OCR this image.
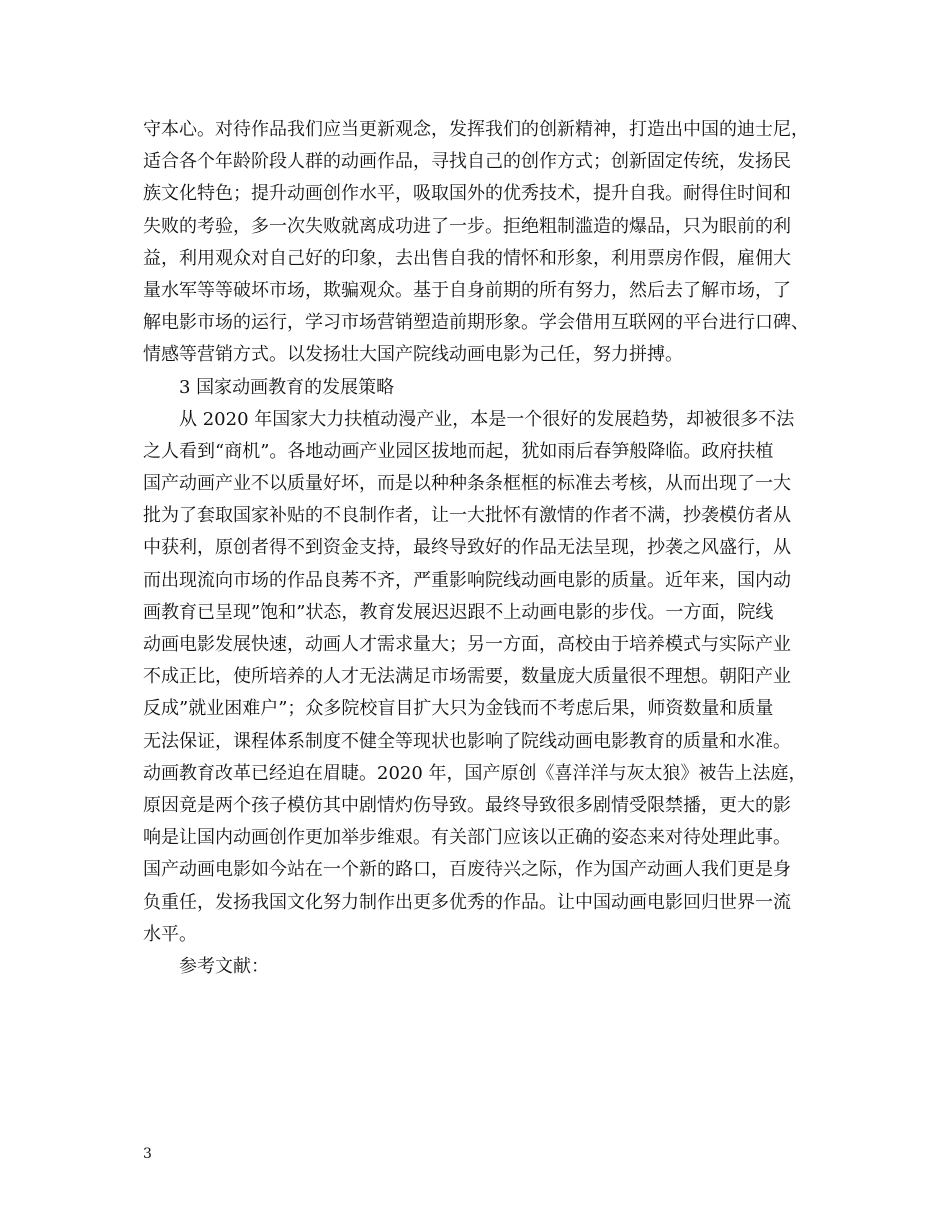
守本心。对待作品我们应当更新观念，发挥我们的创新精神，打造出中国的迪士尼，
适合各个年龄阶段人群的动画作品，寻找自己的创作方式；创新固定传统，发扬民
族文化特色；提升动画创作水平，吸取国外的优秀技术，提升自我。耐得住时间和
失败的考验，多一次失败就离成功进了一步。拒绝粗制滥造的爆品，只为眼前的利
益，利用观众对自己好的印象，去出售自我的情怀和形象，利用票房作假，雇佣大
量水军等等破坏市场，欺骗观众。基于自身前期的所有努力，然后去了解市场，了
解电影市场的运行，学习市场营销塑造前期形象。学会借用互联网的平台进行口碑、
情感等营销方式。以发扬壮大国产院线动画电影为己任，努力拼搏。
3 国家动画教育的发展策略
从 2020 年国家大力扶植动漫产业，本是一个很好的发展趋势，却被很多不法
之人看到“商机”。各地动画产业园区拔地而起，犹如雨后春笋般降临。政府扶植
国产动画产业不以质量好坏，而是以种种条条框框的标准去考核，从而出现了一大
批为了套取国家补贴的不良制作者，让一大批怀有激情的作者不满，抄袭模仿者从
中获利，原创者得不到资金支持，最终导致好的作品无法呈现，抄袭之风盛行，从
而出现流向市场的作品良莠不齐，严重影响院线动画电影的质量。近年来，国内动
画教育已呈现”饱和”状态，教育发展迟迟跟不上动画电影的步伐。一方面，院线
动画电影发展快速，动画人才需求量大；另一方面，高校由于培养模式与实际产业
不成正比，使所培养的人才无法满足市场需要，数量庞大质量很不理想。朝阳产业
反成”就业困难户”；众多院校盲目扩大只为金钱而不考虑后果，师资数量和质量
无法保证，课程体系制度不健全等现状也影响了院线动画电影教育的质量和水准。
动画教育改革已经迫在眉睫。2020 年，国产原创《喜洋洋与灰太狼》被告上法庭，
原因竟是两个孩子模仿其中剧情灼伤导致。最终导致很多剧情受限禁播，更大的影
响是让国内动画创作更加举步维艰。有关部门应该以正确的姿态来对待处理此事。
国产动画电影如今站在一个新的路口，百废待兴之际，作为国产动画人我们更是身
负重任，发扬我国文化努力制作出更多优秀的作品。让中国动画电影回归世界一流
水平。
参考文献：
3
